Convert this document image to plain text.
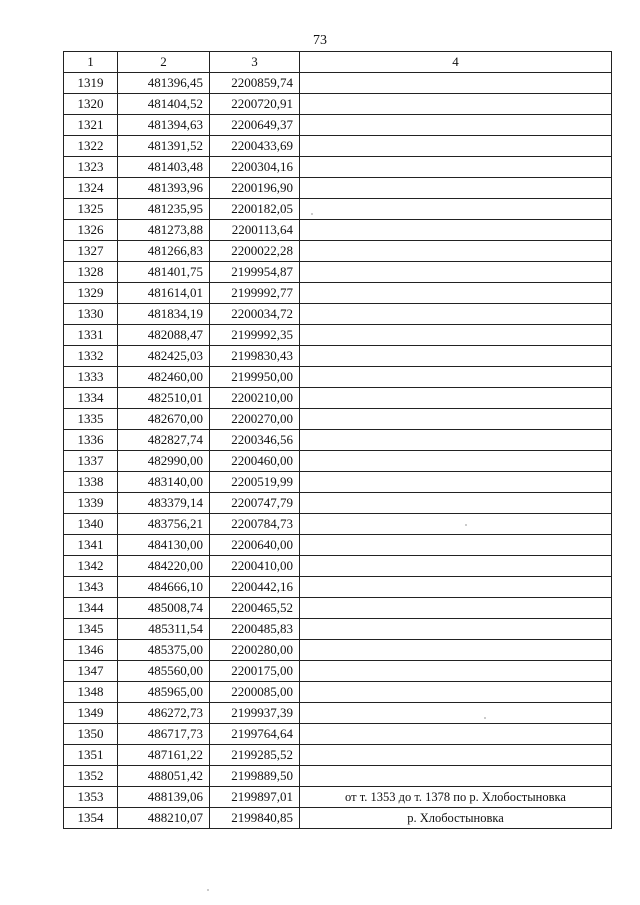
73
1	2	3	4
1319	481396,45	2200859,74	
1320	481404,52	2200720,91	
1321	481394,63	2200649,37	
1322	481391,52	2200433,69	
1323	481403,48	2200304,16	
1324	481393,96	2200196,90	
1325	481235,95	2200182,05	
1326	481273,88	2200113,64	
1327	481266,83	2200022,28	
1328	481401,75	2199954,87	
1329	481614,01	2199992,77	
1330	481834,19	2200034,72	
1331	482088,47	2199992,35	
1332	482425,03	2199830,43	
1333	482460,00	2199950,00	
1334	482510,01	2200210,00	
1335	482670,00	2200270,00	
1336	482827,74	2200346,56	
1337	482990,00	2200460,00	
1338	483140,00	2200519,99	
1339	483379,14	2200747,79	
1340	483756,21	2200784,73	
1341	484130,00	2200640,00	
1342	484220,00	2200410,00	
1343	484666,10	2200442,16	
1344	485008,74	2200465,52	
1345	485311,54	2200485,83	
1346	485375,00	2200280,00	
1347	485560,00	2200175,00	
1348	485965,00	2200085,00	
1349	486272,73	2199937,39	
1350	486717,73	2199764,64	
1351	487161,22	2199285,52	
1352	488051,42	2199889,50	
1353	488139,06	2199897,01	от т. 1353 до т. 1378 по р. Хлобостыновка
1354	488210,07	2199840,85	р. Хлобостыновка
